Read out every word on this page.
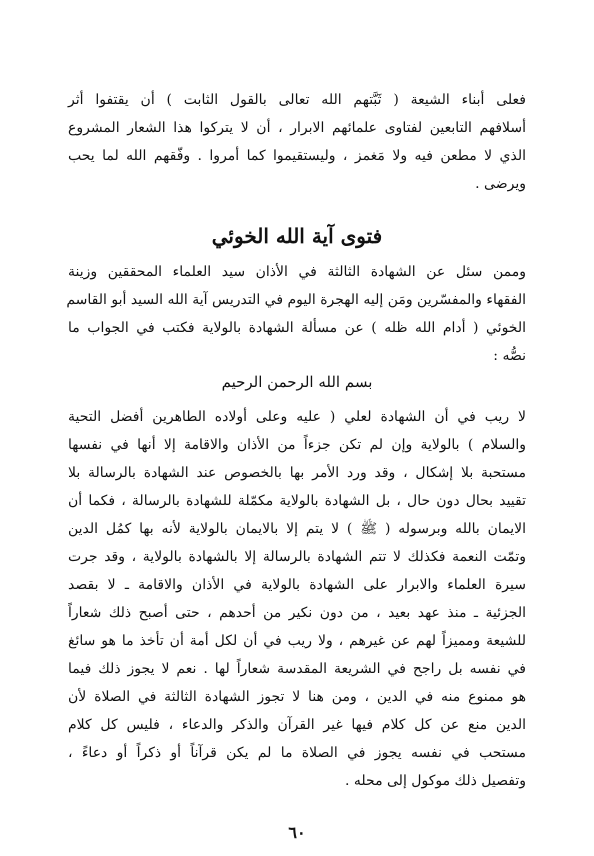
فعلى أبناء الشيعة ( ثَبَّتهم الله تعالى بالقول الثابت ) أن يقتفوا أثر
أسلافهم التابعين لفتاوى علمائهم الابرار ، أن لا يتركوا هذا الشعار المشروع
الذي لا مطعن فيه ولا مَغمز ، وليستقيموا كما أمروا . وفّقهم الله لما يحب
ويرضى .
فتوى آية الله الخوئي
وممن سئل عن الشهادة الثالثة في الأذان سيد العلماء المحققين وزينة
الفقهاء والمفسّرين ومَن إليه الهجرة اليوم في التدريس آية الله السيد أبو القاسم
الخوئي ( أدام الله ظله ) عن مسألة الشهادة بالولاية فكتب في الجواب ما
نصُّه :
بسم الله الرحمن الرحيم
لا ريب في أن الشهادة لعلي ( عليه وعلى أولاده الطاهرين أفضل التحية
والسلام ) بالولاية وإن لم تكن جزءاً من الأذان والاقامة إلا أنها في نفسها
مستحبة بلا إشكال ، وقد ورد الأمر بها بالخصوص عند الشهادة بالرسالة بلا
تقييد بحال دون حال ، بل الشهادة بالولاية مكمّلة للشهادة بالرسالة ، فكما أن
الايمان بالله وبرسوله ( ﷺ ) لا يتم إلا بالايمان بالولاية لأنه بها كمُل الدين
وتمّت النعمة فكذلك لا تتم الشهادة بالرسالة إلا بالشهادة بالولاية ، وقد جرت
سيرة العلماء والابرار على الشهادة بالولاية في الأذان والاقامة ـ لا بقصد
الجزئية ـ منذ عهد بعيد ، من دون نكير من أحدهم ، حتى أصبح ذلك شعاراً
للشيعة ومميزاً لهم عن غيرهم ، ولا ريب في أن لكل أمة أن تأخذ ما هو سائغ
في نفسه بل راجح في الشريعة المقدسة شعاراً لها . نعم لا يجوز ذلك فيما
هو ممنوع منه في الدين ، ومن هنا لا تجوز الشهادة الثالثة في الصلاة لأن
الدين منع عن كل كلام فيها غير القرآن والذكر والدعاء ، فليس كل كلام
مستحب في نفسه يجوز في الصلاة ما لم يكن قرآناً أو ذكراً أو دعاءً ،
وتفصيل ذلك موكول إلى محله .
٦٠
